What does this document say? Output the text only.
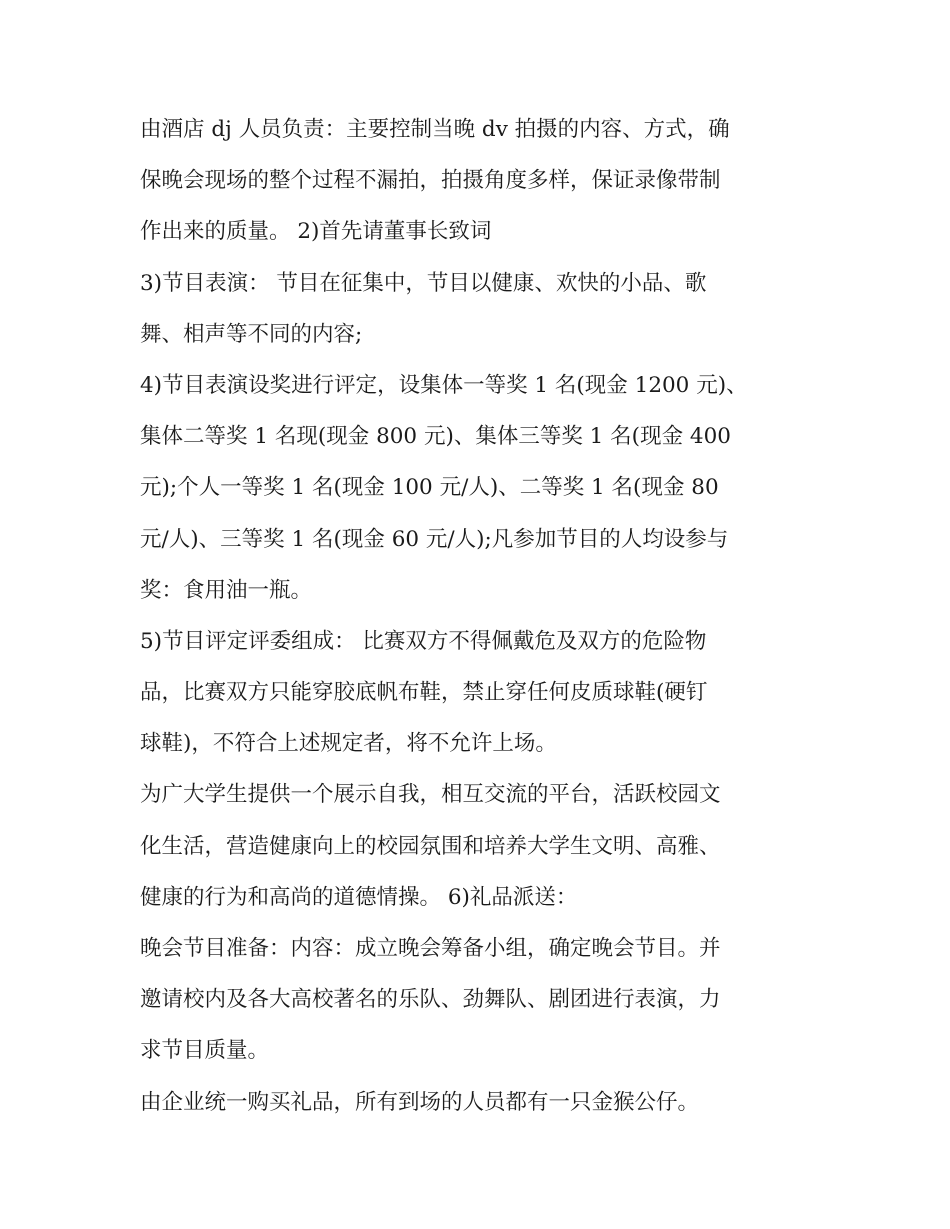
由酒店 dj 人员负责：主要控制当晚 dv 拍摄的内容、方式，确
保晚会现场的整个过程不漏拍，拍摄角度多样，保证录像带制
作出来的质量。 2)首先请董事长致词
3)节目表演： 节目在征集中，节目以健康、欢快的小品、歌
舞、相声等不同的内容;
4)节目表演设奖进行评定，设集体一等奖 1 名(现金 1200 元)、
集体二等奖 1 名现(现金 800 元)、集体三等奖 1 名(现金 400
元);个人一等奖 1 名(现金 100 元/人)、二等奖 1 名(现金 80
元/人)、三等奖 1 名(现金 60 元/人);凡参加节目的人均设参与
奖：食用油一瓶。
5)节目评定评委组成： 比赛双方不得佩戴危及双方的危险物
品，比赛双方只能穿胶底帆布鞋，禁止穿任何皮质球鞋(硬钉
球鞋)，不符合上述规定者，将不允许上场。
为广大学生提供一个展示自我，相互交流的平台，活跃校园文
化生活，营造健康向上的校园氛围和培养大学生文明、高雅、
健康的行为和高尚的道德情操。 6)礼品派送：
晚会节目准备：内容：成立晚会筹备小组，确定晚会节目。并
邀请校内及各大高校著名的乐队、劲舞队、剧团进行表演，力
求节目质量。
由企业统一购买礼品，所有到场的人员都有一只金猴公仔。
